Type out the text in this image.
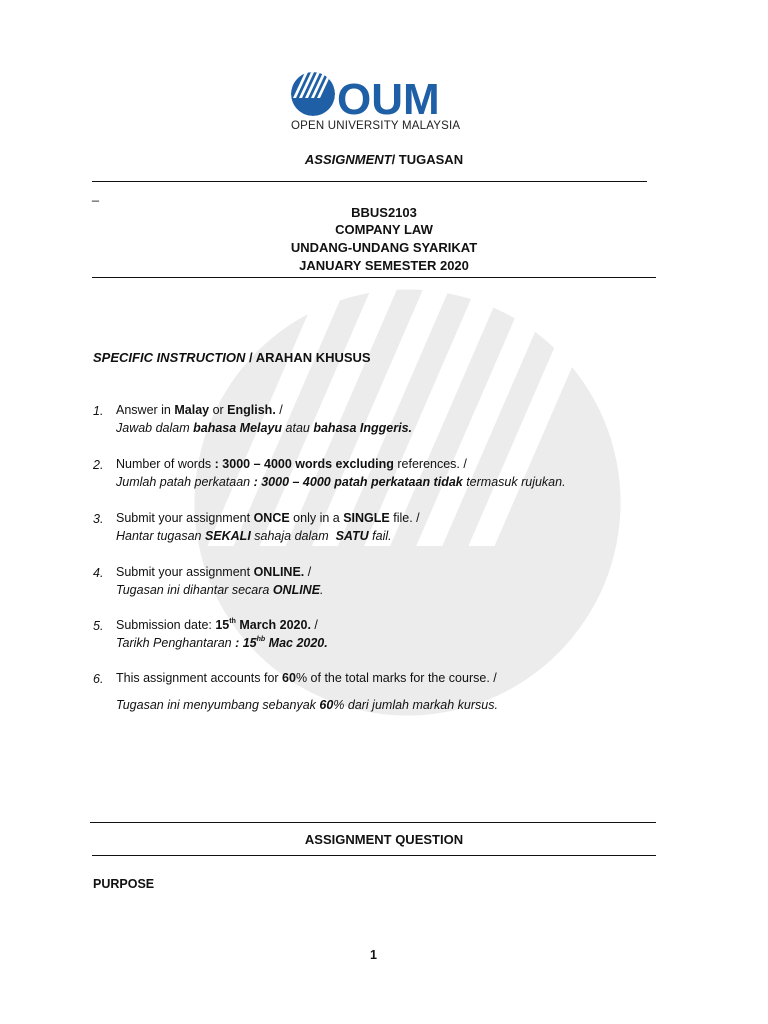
OUM
OPEN UNIVERSITY MALAYSIA
ASSIGNMENT/ TUGASAN
_
BBUS2103
COMPANY LAW
UNDANG-UNDANG SYARIKAT
JANUARY SEMESTER 2020
SPECIFIC INSTRUCTION / ARAHAN KHUSUS
1. Answer in Malay or English. /
Jawab dalam bahasa Melayu atau bahasa Inggeris.
2. Number of words : 3000 – 4000 words excluding references. /
Jumlah patah perkataan : 3000 – 4000 patah perkataan tidak termasuk rujukan.
3. Submit your assignment ONCE only in a SINGLE file. /
Hantar tugasan SEKALI sahaja dalam  SATU fail.
4. Submit your assignment ONLINE. /
Tugasan ini dihantar secara ONLINE.
5. Submission date: 15th March 2020. /
Tarikh Penghantaran : $15^{hb}$ Mac 2020.
6. This assignment accounts for 60% of the total marks for the course. /
Tugasan ini menyumbang sebanyak 60% dari jumlah markah kursus.
ASSIGNMENT QUESTION
PURPOSE
1
